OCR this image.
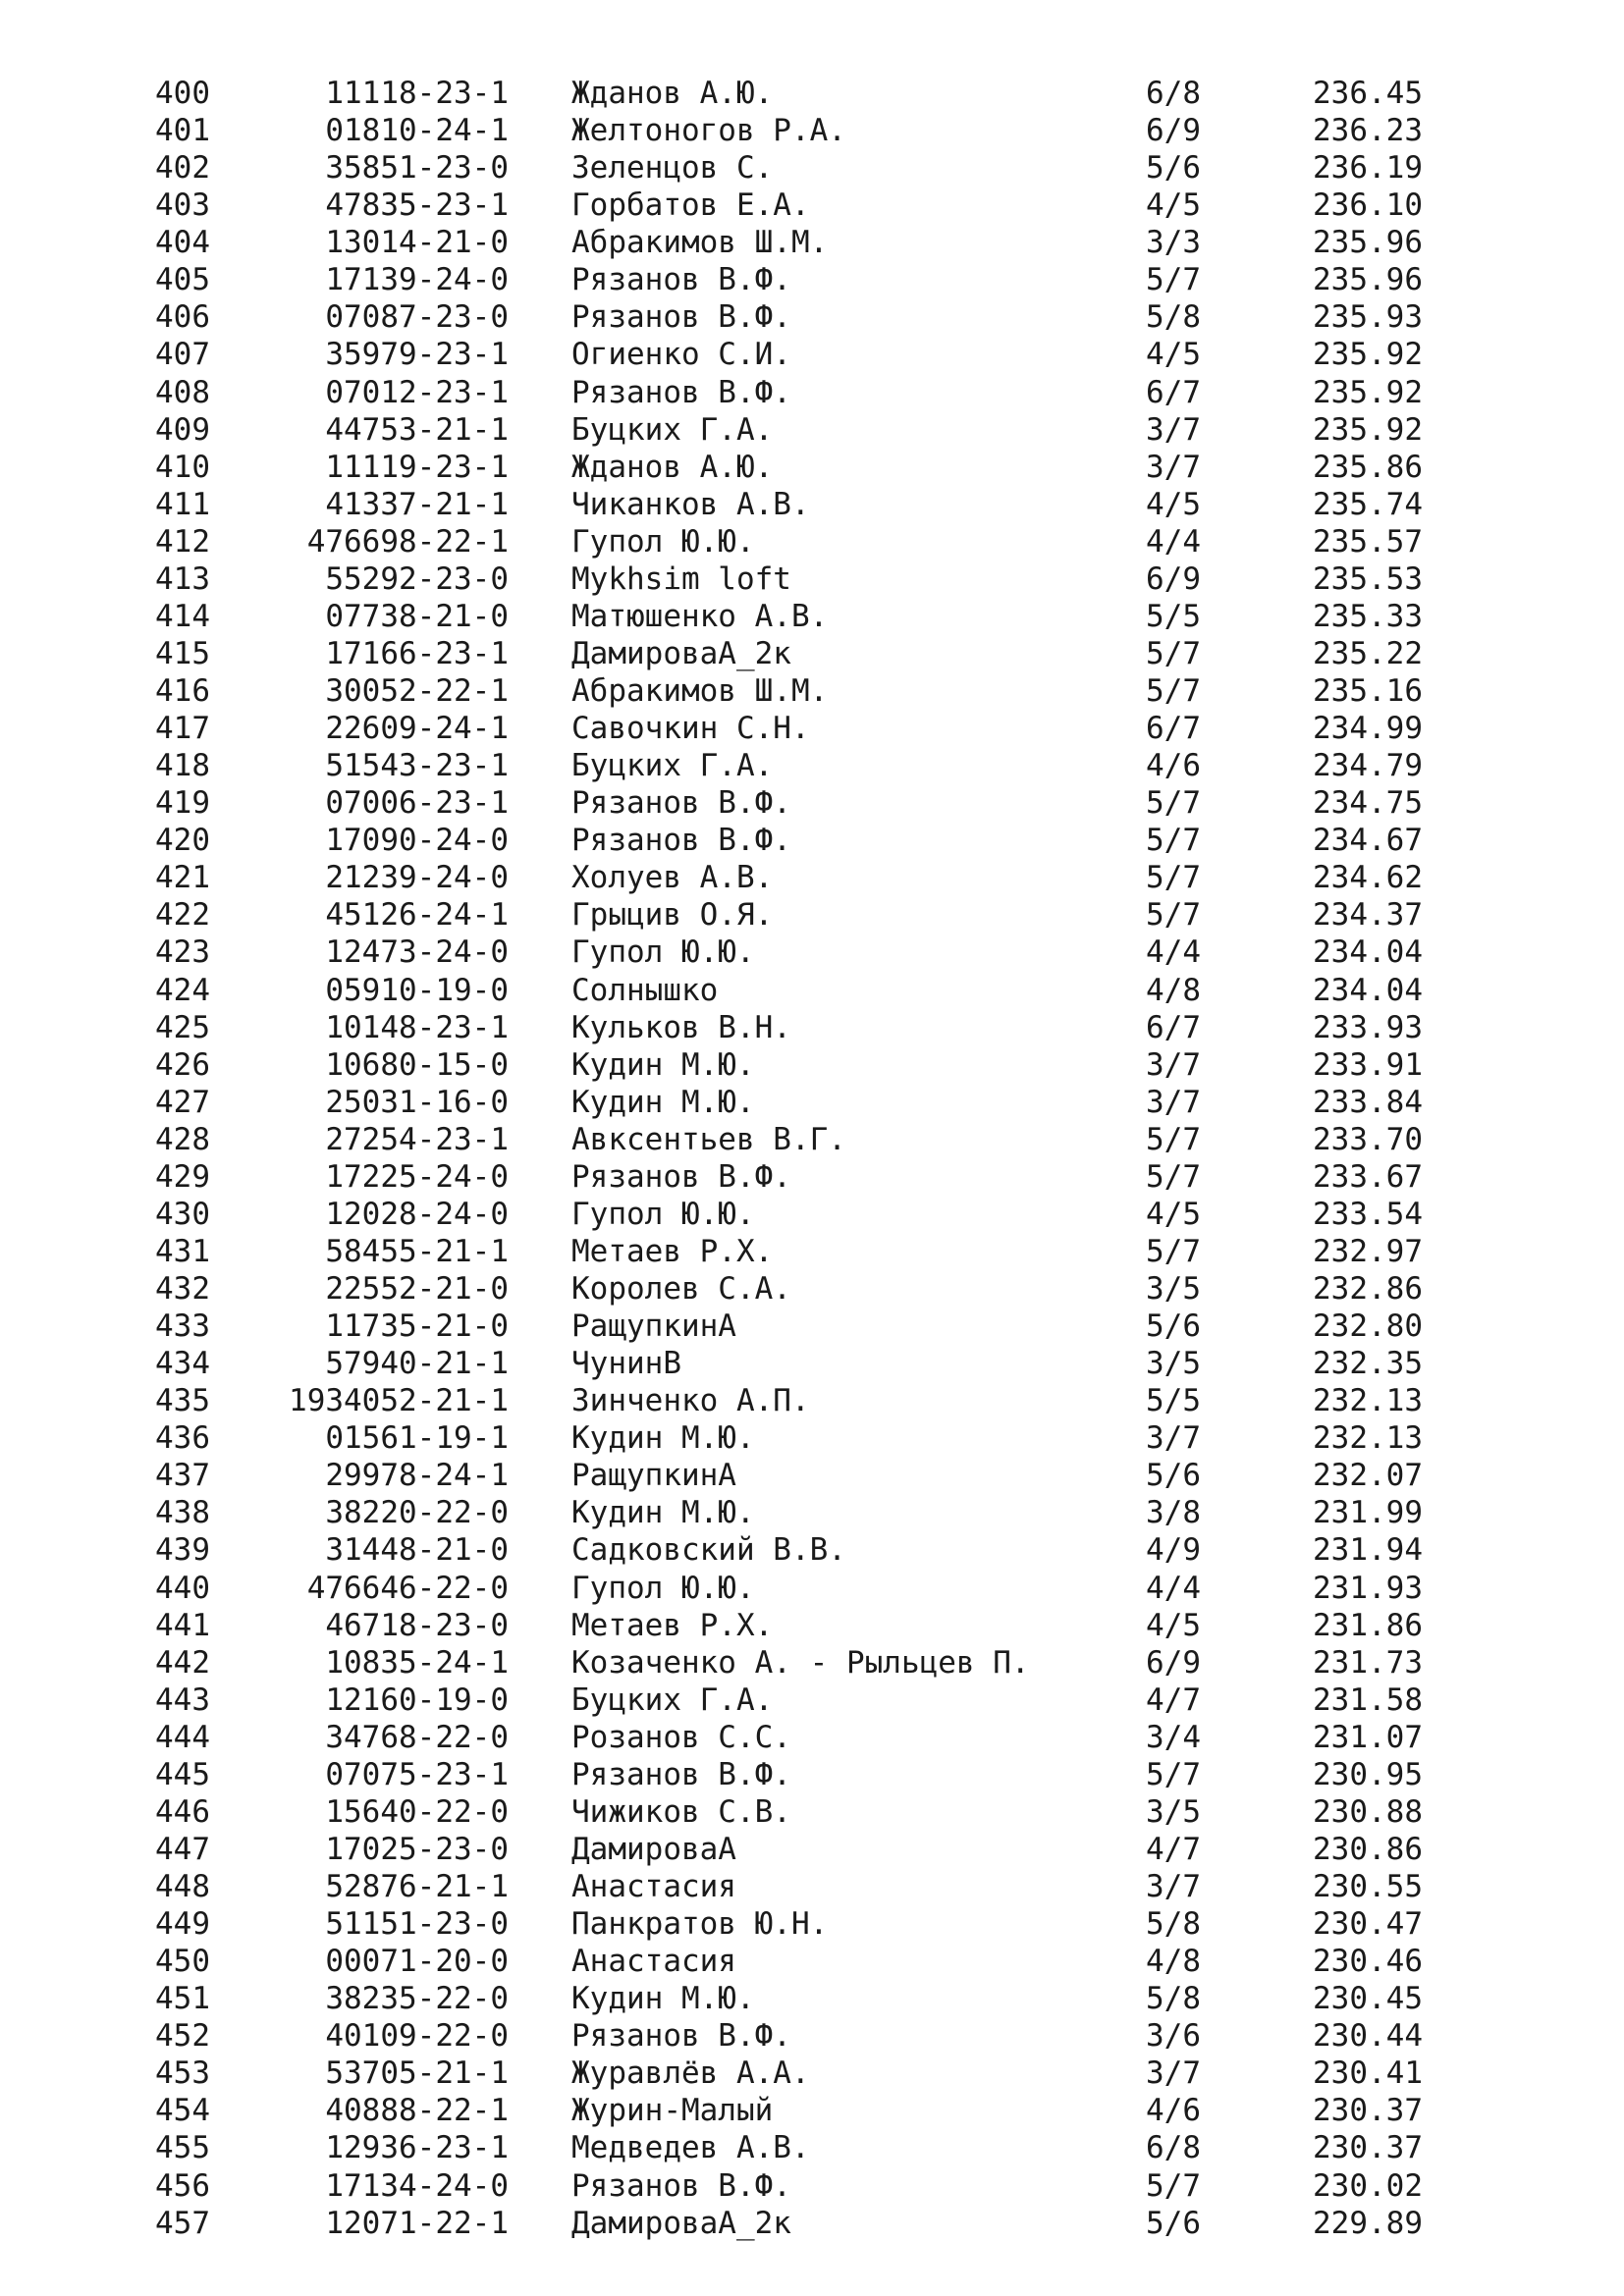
400	11118-23-1 Жданов А.Ю.	6/8	236.45
401	01810-24-1 Желтоногов Р.А.	6/9	236.23
402	35851-23-0 Зеленцов С.	5/6	236.19
403	47835-23-1 Горбатов Е.А.	4/5	236.10
404	13014-21-0 Абракимов Ш.М.	3/3	235.96
405	17139-24-0 Рязанов В.Ф.	5/7	235.96
406	07087-23-0 Рязанов В.Ф.	5/8	235.93
407	35979-23-1 Огиенко С.И.	4/5	235.92
408	07012-23-1 Рязанов В.Ф.	6/7	235.92
409	44753-21-1 Буцких Г.А.	3/7	235.92
410	11119-23-1 Жданов А.Ю.	3/7	235.86
411	41337-21-1 Чиканков А.В.	4/5	235.74
412	476698-22-1 Гупол Ю.Ю.	4/4	235.57
413	55292-23-0 Mykhsim loft	6/9	235.53
414	07738-21-0 Матюшенко А.В.	5/5	235.33
415	17166-23-1 ДамироваА_2к	5/7	235.22
416	30052-22-1 Абракимов Ш.М.	5/7	235.16
417	22609-24-1 Савочкин С.Н.	6/7	234.99
418	51543-23-1 Буцких Г.А.	4/6	234.79
419	07006-23-1 Рязанов В.Ф.	5/7	234.75
420	17090-24-0 Рязанов В.Ф.	5/7	234.67
421	21239-24-0 Холуев А.В.	5/7	234.62
422	45126-24-1 Грыцив О.Я.	5/7	234.37
423	12473-24-0 Гупол Ю.Ю.	4/4	234.04
424	05910-19-0 Солнышко	4/8	234.04
425	10148-23-1 Кульков В.Н.	6/7	233.93
426	10680-15-0 Кудин М.Ю.	3/7	233.91
427	25031-16-0 Кудин М.Ю.	3/7	233.84
428	27254-23-1 Авксентьев В.Г.	5/7	233.70
429	17225-24-0 Рязанов В.Ф.	5/7	233.67
430	12028-24-0 Гупол Ю.Ю.	4/5	233.54
431	58455-21-1 Метаев Р.Х.	5/7	232.97
432	22552-21-0 Королев С.А.	3/5	232.86
433	11735-21-0 РащупкинА	5/6	232.80
434	57940-21-1 ЧунинВ	3/5	232.35
435	1934052-21-1 Зинченко А.П.	5/5	232.13
436	01561-19-1 Кудин М.Ю.	3/7	232.13
437	29978-24-1 РащупкинА	5/6	232.07
438	38220-22-0 Кудин М.Ю.	3/8	231.99
439	31448-21-0 Садковский В.В.	4/9	231.94
440	476646-22-0 Гупол Ю.Ю.	4/4	231.93
441	46718-23-0 Метаев Р.Х.	4/5	231.86
442	10835-24-1 Козаченко А. - Рыльцев П.	6/9	231.73
443	12160-19-0 Буцких Г.А.	4/7	231.58
444	34768-22-0 Розанов С.С.	3/4	231.07
445	07075-23-1 Рязанов В.Ф.	5/7	230.95
446	15640-22-0 Чижиков С.В.	3/5	230.88
447	17025-23-0 ДамироваА	4/7	230.86
448	52876-21-1 Анастасия	3/7	230.55
449	51151-23-0 Панкратов Ю.Н.	5/8	230.47
450	00071-20-0 Анастасия	4/8	230.46
451	38235-22-0 Кудин М.Ю.	5/8	230.45
452	40109-22-0 Рязанов В.Ф.	3/6	230.44
453	53705-21-1 Журавлёв А.А.	3/7	230.41
454	40888-22-1 Журин-Малый	4/6	230.37
455	12936-23-1 Медведев А.В.	6/8	230.37
456	17134-24-0 Рязанов В.Ф.	5/7	230.02
457	12071-22-1 ДамироваА_2к	5/6	229.89
